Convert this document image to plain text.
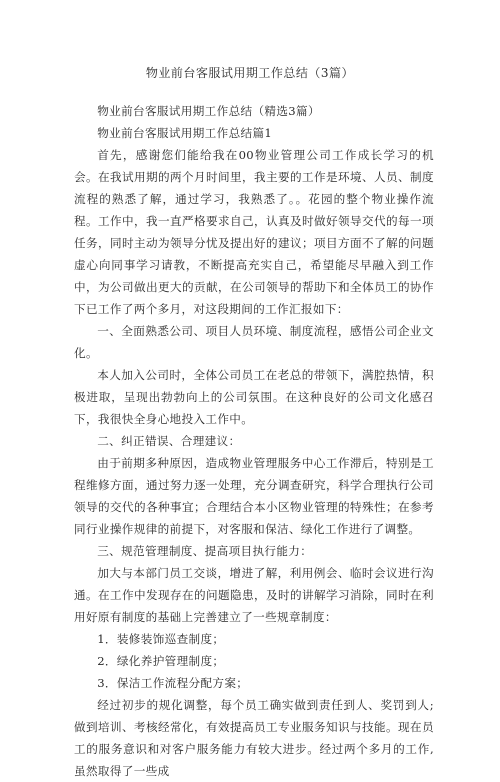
物业前台客服试用期工作总结（3篇）

物业前台客服试用期工作总结（精选3篇）

物业前台客服试用期工作总结篇1

首先，感谢您们能给我在00物业管理公司工作成长学习的机会。在我试用期的两个月时间里，我主要的工作是环境、人员、制度流程的熟悉了解，通过学习，我熟悉了。。花园的整个物业操作流程。工作中，我一直严格要求自己，认真及时做好领导交代的每一项任务，同时主动为领导分忧及提出好的建议；项目方面不了解的问题虚心向同事学习请教，不断提高充实自己，希望能尽早融入到工作中，为公司做出更大的贡献，在公司领导的帮助下和全体员工的协作下已工作了两个多月，对这段期间的工作汇报如下：

一、全面熟悉公司、项目人员环境、制度流程，感悟公司企业文化。

本人加入公司时，全体公司员工在老总的带领下，满腔热情，积极进取，呈现出勃勃向上的公司氛围。在这种良好的公司文化感召下，我很快全身心地投入工作中。

二、纠正错误、合理建议：

由于前期多种原因，造成物业管理服务中心工作滞后，特别是工程维修方面，通过努力逐一处理，充分调查研究，科学合理执行公司领导的交代的各种事宜；合理结合本小区物业管理的特殊性；在参考同行业操作规律的前提下，对客服和保洁、绿化工作进行了调整。

三、规范管理制度、提高项目执行能力：

加大与本部门员工交谈，增进了解，利用例会、临时会议进行沟通。在工作中发现存在的问题隐患，及时的讲解学习消除，同时在利用好原有制度的基础上完善建立了一些规章制度：

1．装修装饰巡查制度；

2．绿化养护管理制度；

3．保洁工作流程分配方案；

经过初步的规化调整，每个员工确实做到责任到人、奖罚到人;做到培训、考核经常化，有效提高员工专业服务知识与技能。现在员工的服务意识和对客户服务能力有较大进步。经过两个多月的工作,虽然取得了一些成
